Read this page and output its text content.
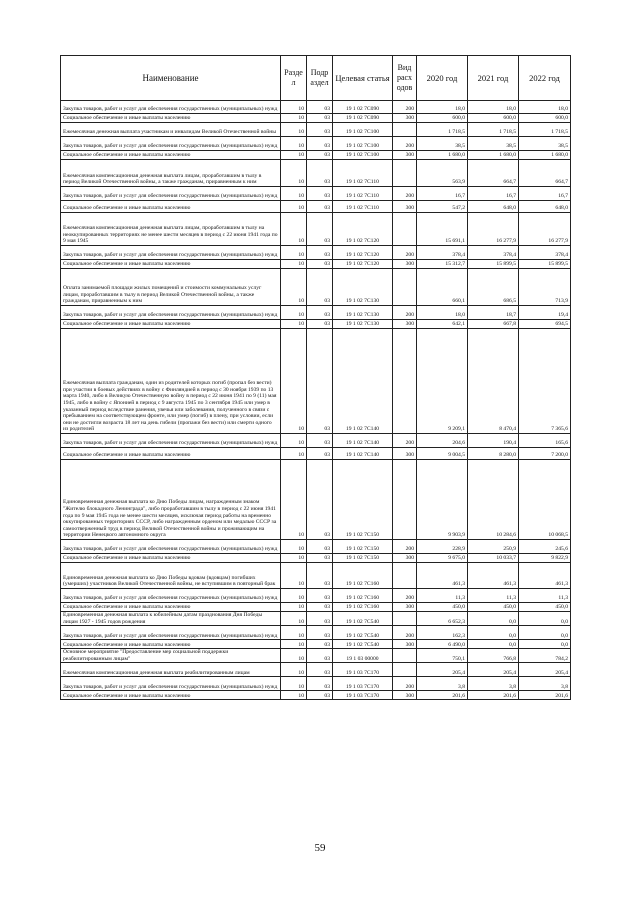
Наименование	Разде л	Подр аздел	Целевая статья	Вид расх одов	2020 год	2021 год	2022 год
Закупка товаров, работ и услуг для обеспечения государственных (муниципальных) нужд	10	03	19 1 02 7С090	200	18,0	18,0	18,0
Социальное обеспечение и иные выплаты населению	10	03	19 1 02 7С090	300	600,0	600,0	600,0
Ежемесячная денежная выплата участникам и инвалидам Великой Отечественной войны	10	03	19 1 02 7С100		1 718,5	1 718,5	1 718,5
Закупка товаров, работ и услуг для обеспечения государственных (муниципальных) нужд	10	03	19 1 02 7С100	200	38,5	38,5	38,5
Социальное обеспечение и иные выплаты населению	10	03	19 1 02 7С100	300	1 680,0	1 680,0	1 680,0
Ежемесячная компенсационная денежная выплата лицам, проработавшим в тылу в период Великой Отечественной войны, а также гражданам, приравненным к ним	10	03	19 1 02 7С110		563,9	664,7	664,7
Закупка товаров, работ и услуг для обеспечения государственных (муниципальных) нужд	10	03	19 1 02 7С110	200	16,7	16,7	16,7
Социальное обеспечение и иные выплаты населению	10	03	19 1 02 7С110	300	547,2	648,0	648,0
Ежемесячная компенсационная денежная выплата лицам, проработавшим в тылу на неоккупированных территориях не менее шести месяцев в период с 22 июня 1941 года по 9 мая 1945	10	03	19 1 02 7С120		15 691,1	16 277,9	16 277,9
Закупка товаров, работ и услуг для обеспечения государственных (муниципальных) нужд	10	03	19 1 02 7С120	200	378,4	378,4	378,4
Социальное обеспечение и иные выплаты населению	10	03	19 1 02 7С120	300	15 312,7	15 899,5	15 899,5
Оплата занимаемой площади жилых помещений и стоимости коммунальных услуг лицам, проработавшим в тылу в период Великой Отечественной войны, а также гражданам, приравненным к ним	10	03	19 1 02 7С130		660,1	686,5	713,9
Закупка товаров, работ и услуг для обеспечения государственных (муниципальных) нужд	10	03	19 1 02 7С130	200	18,0	18,7	19,4
Социальное обеспечение и иные выплаты населению	10	03	19 1 02 7С130	300	642,1	667,8	694,5
Ежемесячная выплата гражданам, один из родителей которых погиб (пропал без вести) при участии в боевых действиях в войну с Финляндией в период с 30 ноября 1939 по 13 марта 1940, либо в Великую Отечественную войну в период с 22 июня 1941 по 9 (11) мая 1945, либо в войну с Японией в период с 9 августа 1945 по 3 сентября 1945 или умер в указанный период вследствие ранения, увечья или заболевания, полученного в связи с пребыванием на соответствующем фронте, или умер (погиб) в плену, при условии, если они не достигли возраста 18 лет на день гибели (пропажи без вести) или смерти одного из родителей	10	03	19 1 02 7С140		9 209,1	8 470,4	7 365,6
Закупка товаров, работ и услуг для обеспечения государственных (муниципальных) нужд	10	03	19 1 02 7С140	200	204,6	190,4	165,6
Социальное обеспечение и иные выплаты населению	10	03	19 1 02 7С140	300	9 004,5	8 280,0	7 200,0
Единовременная денежная выплата ко Дню Победы лицам, награжденным знаком "Жителю блокадного Ленинграда", либо проработавшим в тылу в период с 22 июня 1941 года по 9 мая 1945 года не менее шести месяцев, исключая период работы на временно оккупированных территориях СССР, либо награжденным орденом или медалью СССР за самоотверженный труд в период Великой Отечественной войны и проживающим на территории Ненецкого автономного округа	10	03	19 1 02 7С150		9 903,9	10 284,6	10 068,5
Закупка товаров, работ и услуг для обеспечения государственных (муниципальных) нужд	10	03	19 1 02 7С150	200	228,9	250,9	245,6
Социальное обеспечение и иные выплаты населению	10	03	19 1 02 7С150	300	9 675,0	10 033,7	9 822,9
Единовременная денежная выплата ко Дню Победы вдовам (вдовцам) погибших (умерших) участников Великой Отечественной войны, не вступившим в повторный брак	10	03	19 1 02 7С160		461,3	461,3	461,3
Закупка товаров, работ и услуг для обеспечения государственных (муниципальных) нужд	10	03	19 1 02 7С160	200	11,3	11,3	11,3
Социальное обеспечение и иные выплаты населению	10	03	19 1 02 7С160	300	450,0	450,0	450,0
Единовременная денежная выплата к юбилейным датам празднования Дня Победы лицам 1927 - 1945 годов рождения	10	03	19 1 02 7С540		6 652,3	0,0	0,0
Закупка товаров, работ и услуг для обеспечения государственных (муниципальных) нужд	10	03	19 1 02 7С540	200	162,3	0,0	0,0
Социальное обеспечение и иные выплаты населению	10	03	19 1 02 7С540	300	6 490,0	0,0	0,0
Основное мероприятие "Предоставление мер социальной поддержки реабилитированным лицам"	10	03	19 1 03 00000		750,1	766,8	784,2
Ежемесячная компенсационная денежная выплата реабилитированным лицам	10	03	19 1 03 7С170		205,4	205,4	205,4
Закупка товаров, работ и услуг для обеспечения государственных (муниципальных) нужд	10	03	19 1 03 7С170	200	3,8	3,8	3,8
Социальное обеспечение и иные выплаты населению	10	03	19 1 03 7С170	300	201,6	201,6	201,6
59
